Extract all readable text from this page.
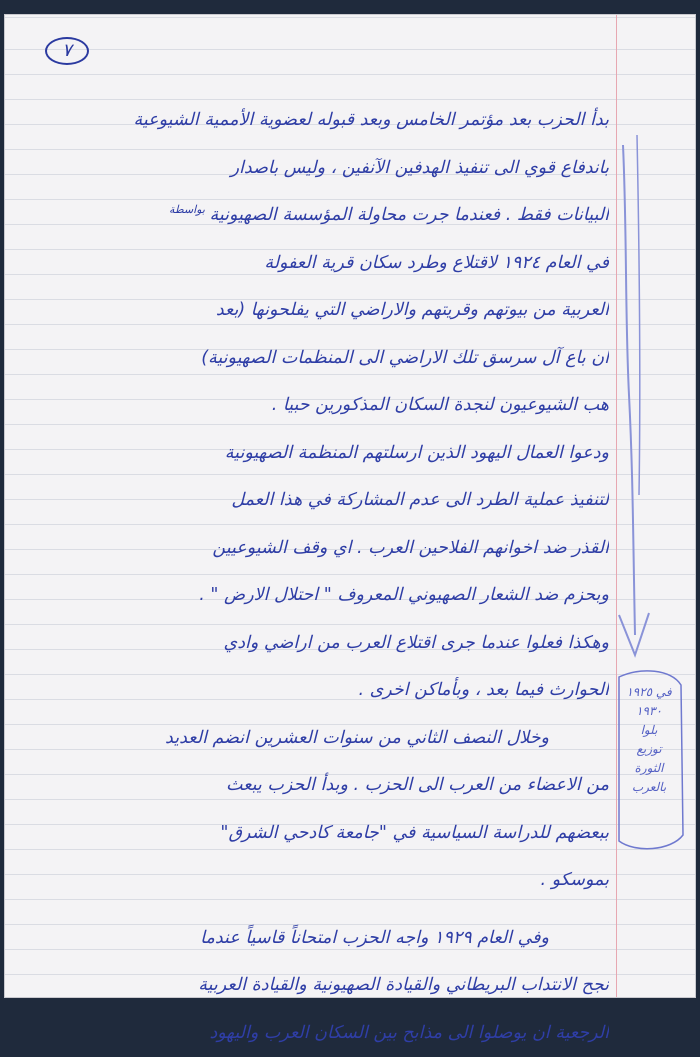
٧
بواسطة
بدأ الحزب بعد مؤتمر الخامس وبعد قبوله لعضوية الأممية الشيوعية
باندفاع قوي الى تنفيذ الهدفين الآنفين ، وليس باصدار
البيانات فقط . فعندما جرت محاولة المؤسسة الصهيونية
في العام ١٩٢٤ لاقتلاع وطرد سكان قرية العفولة
العربية من بيوتهم وقريتهم والاراضي التي يفلحونها (بعد
ان باع آل سرسق تلك الاراضي الى المنظمات الصهيونية)
هب الشيوعيون لنجدة السكان المذكورين حبيا .
ودعوا العمال اليهود الذين ارسلتهم المنظمة الصهيونية
لتنفيذ عملية الطرد الى عدم المشاركة في هذا العمل
القذر ضد اخوانهم الفلاحين العرب . اي وقف الشيوعيين
وبحزم ضد الشعار الصهيوني المعروف " احتلال الارض " .
وهكذا فعلوا عندما جرى اقتلاع العرب من اراضي وادي
الحوارث فيما بعد ، وبأماكن اخرى .
وخلال النصف الثاني من سنوات العشرين انضم العديد
من الاعضاء من العرب الى الحزب . وبدأ الحزب يبعث
ببعضهم للدراسة السياسية في "جامعة كادحي الشرق"
بموسكو .
وفي العام ١٩٢٩ واجه الحزب امتحاناً قاسياً عندما
نجح الانتداب البريطاني والقيادة الصهيونية والقيادة العربية
الرجعية ان يوصلوا الى مذابح بين السكان العرب واليهود
في ١٩٢٥
١٩٣٠
بلوا
توزيع
الثورة
بالعرب
